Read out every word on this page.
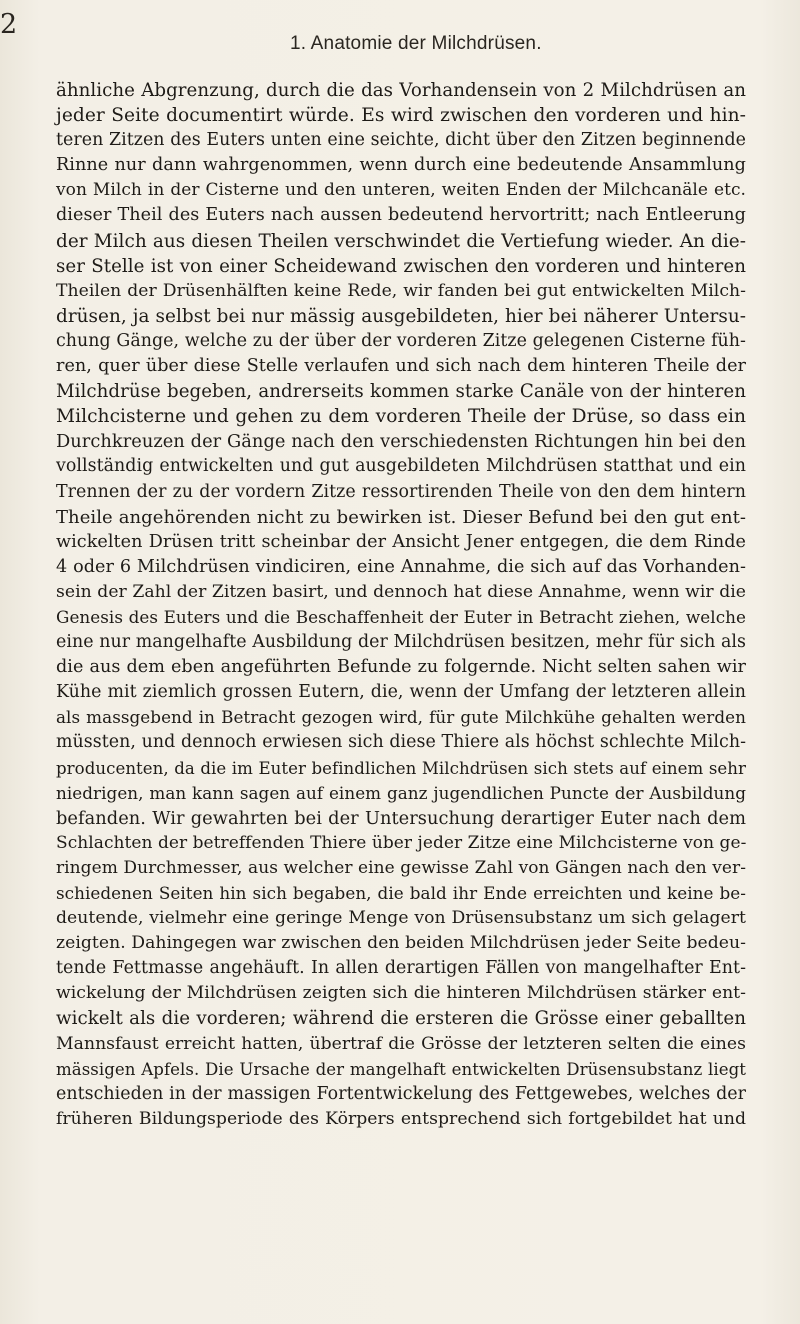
2
1. Anatomie der Milchdrüsen.
ähnliche Abgrenzung, durch die das Vorhandensein von 2 Milchdrüsen an
jeder Seite documentirt würde. Es wird zwischen den vorderen und hin-
teren Zitzen des Euters unten eine seichte, dicht über den Zitzen beginnende
Rinne nur dann wahrgenommen, wenn durch eine bedeutende Ansammlung
von Milch in der Cisterne und den unteren, weiten Enden der Milchcanäle etc.
dieser Theil des Euters nach aussen bedeutend hervortritt; nach Entleerung
der Milch aus diesen Theilen verschwindet die Vertiefung wieder. An die-
ser Stelle ist von einer Scheidewand zwischen den vorderen und hinteren
Theilen der Drüsenhälften keine Rede, wir fanden bei gut entwickelten Milch-
drüsen, ja selbst bei nur mässig ausgebildeten, hier bei näherer Untersu-
chung Gänge, welche zu der über der vorderen Zitze gelegenen Cisterne füh-
ren, quer über diese Stelle verlaufen und sich nach dem hinteren Theile der
Milchdrüse begeben, andrerseits kommen starke Canäle von der hinteren
Milchcisterne und gehen zu dem vorderen Theile der Drüse, so dass ein
Durchkreuzen der Gänge nach den verschiedensten Richtungen hin bei den
vollständig entwickelten und gut ausgebildeten Milchdrüsen statthat und ein
Trennen der zu der vordern Zitze ressortirenden Theile von den dem hintern
Theile angehörenden nicht zu bewirken ist. Dieser Befund bei den gut ent-
wickelten Drüsen tritt scheinbar der Ansicht Jener entgegen, die dem Rinde
4 oder 6 Milchdrüsen vindiciren, eine Annahme, die sich auf das Vorhanden-
sein der Zahl der Zitzen basirt, und dennoch hat diese Annahme, wenn wir die
Genesis des Euters und die Beschaffenheit der Euter in Betracht ziehen, welche
eine nur mangelhafte Ausbildung der Milchdrüsen besitzen, mehr für sich als
die aus dem eben angeführten Befunde zu folgernde. Nicht selten sahen wir
Kühe mit ziemlich grossen Eutern, die, wenn der Umfang der letzteren allein
als massgebend in Betracht gezogen wird, für gute Milchkühe gehalten werden
müssten, und dennoch erwiesen sich diese Thiere als höchst schlechte Milch-
producenten, da die im Euter befindlichen Milchdrüsen sich stets auf einem sehr
niedrigen, man kann sagen auf einem ganz jugendlichen Puncte der Ausbildung
befanden. Wir gewahrten bei der Untersuchung derartiger Euter nach dem
Schlachten der betreffenden Thiere über jeder Zitze eine Milchcisterne von ge-
ringem Durchmesser, aus welcher eine gewisse Zahl von Gängen nach den ver-
schiedenen Seiten hin sich begaben, die bald ihr Ende erreichten und keine be-
deutende, vielmehr eine geringe Menge von Drüsensubstanz um sich gelagert
zeigten. Dahingegen war zwischen den beiden Milchdrüsen jeder Seite bedeu-
tende Fettmasse angehäuft. In allen derartigen Fällen von mangelhafter Ent-
wickelung der Milchdrüsen zeigten sich die hinteren Milchdrüsen stärker ent-
wickelt als die vorderen; während die ersteren die Grösse einer geballten
Mannsfaust erreicht hatten, übertraf die Grösse der letzteren selten die eines
mässigen Apfels. Die Ursache der mangelhaft entwickelten Drüsensubstanz liegt
entschieden in der massigen Fortentwickelung des Fettgewebes, welches der
früheren Bildungsperiode des Körpers entsprechend sich fortgebildet hat und
